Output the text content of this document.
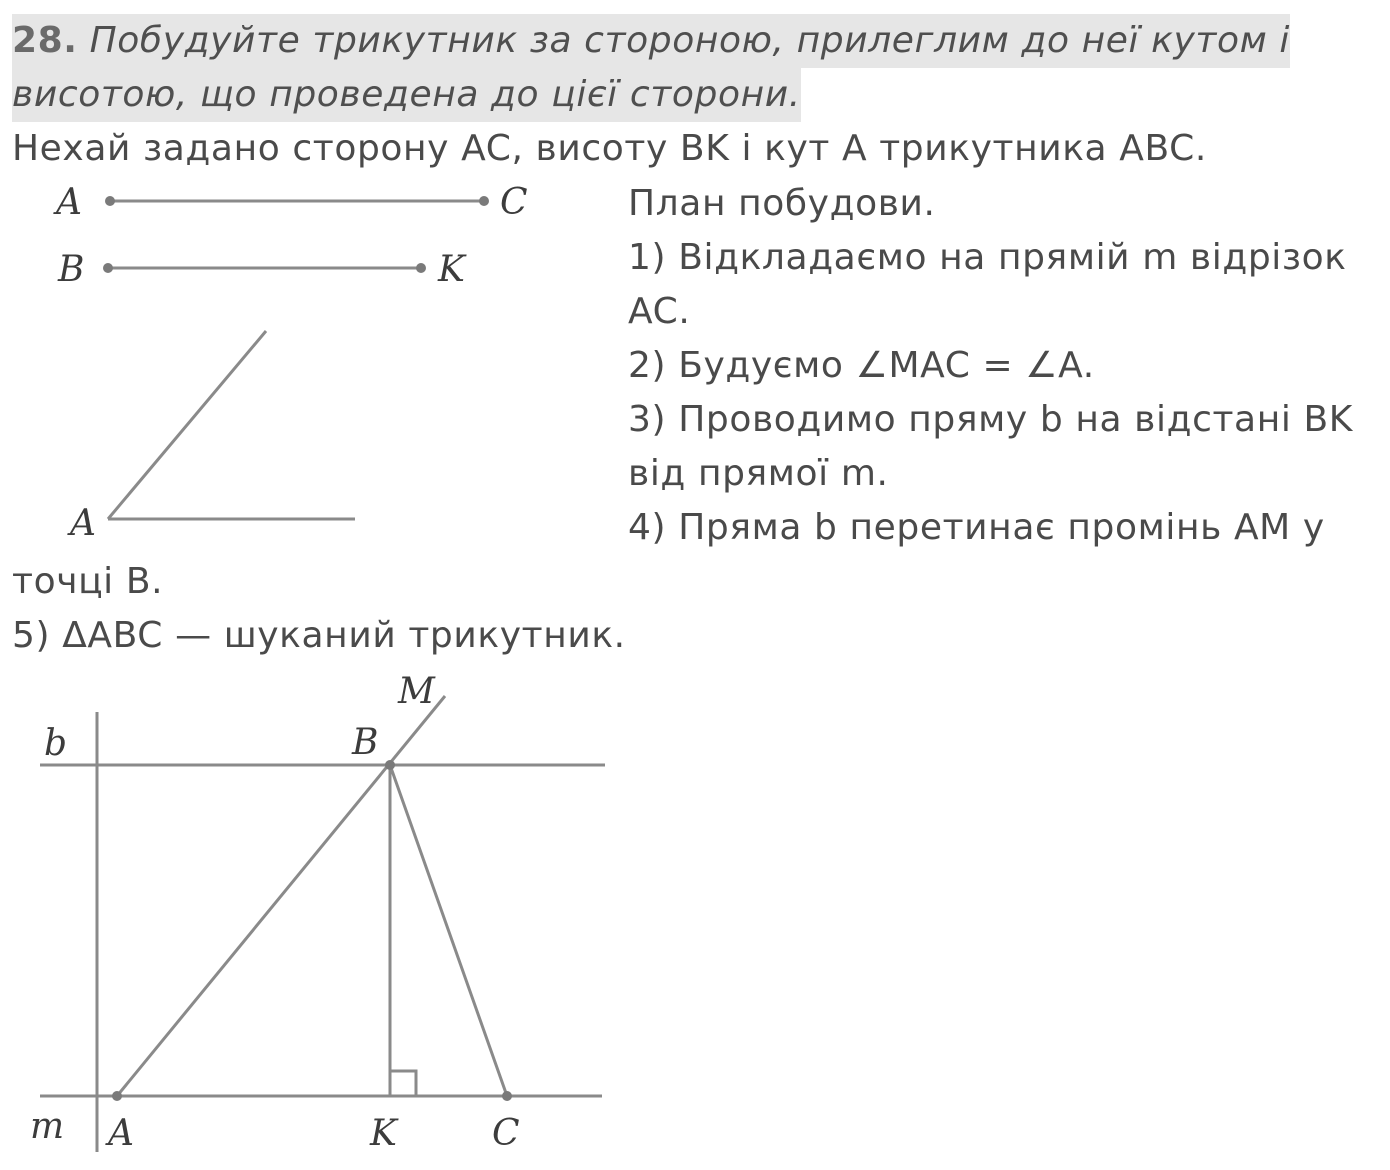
28. Побудуйте трикутник за стороною, прилеглим до неї кутом і
висотою, що проведена до цієї сторони.
Нехай задано сторону AC, висоту BK і кут A трикутника ABC.
План побудови.
1) Відкладаємо на прямій m відрізок
AC.
2) Будуємо ∠MAC = ∠A.
3) Проводимо пряму b на відстані BK
від прямої m.
4) Пряма b перетинає промінь AM у
точці B.
5) ΔABC — шуканий трикутник.
A	C
B	K
A
b
m
M
B
A	K	C
